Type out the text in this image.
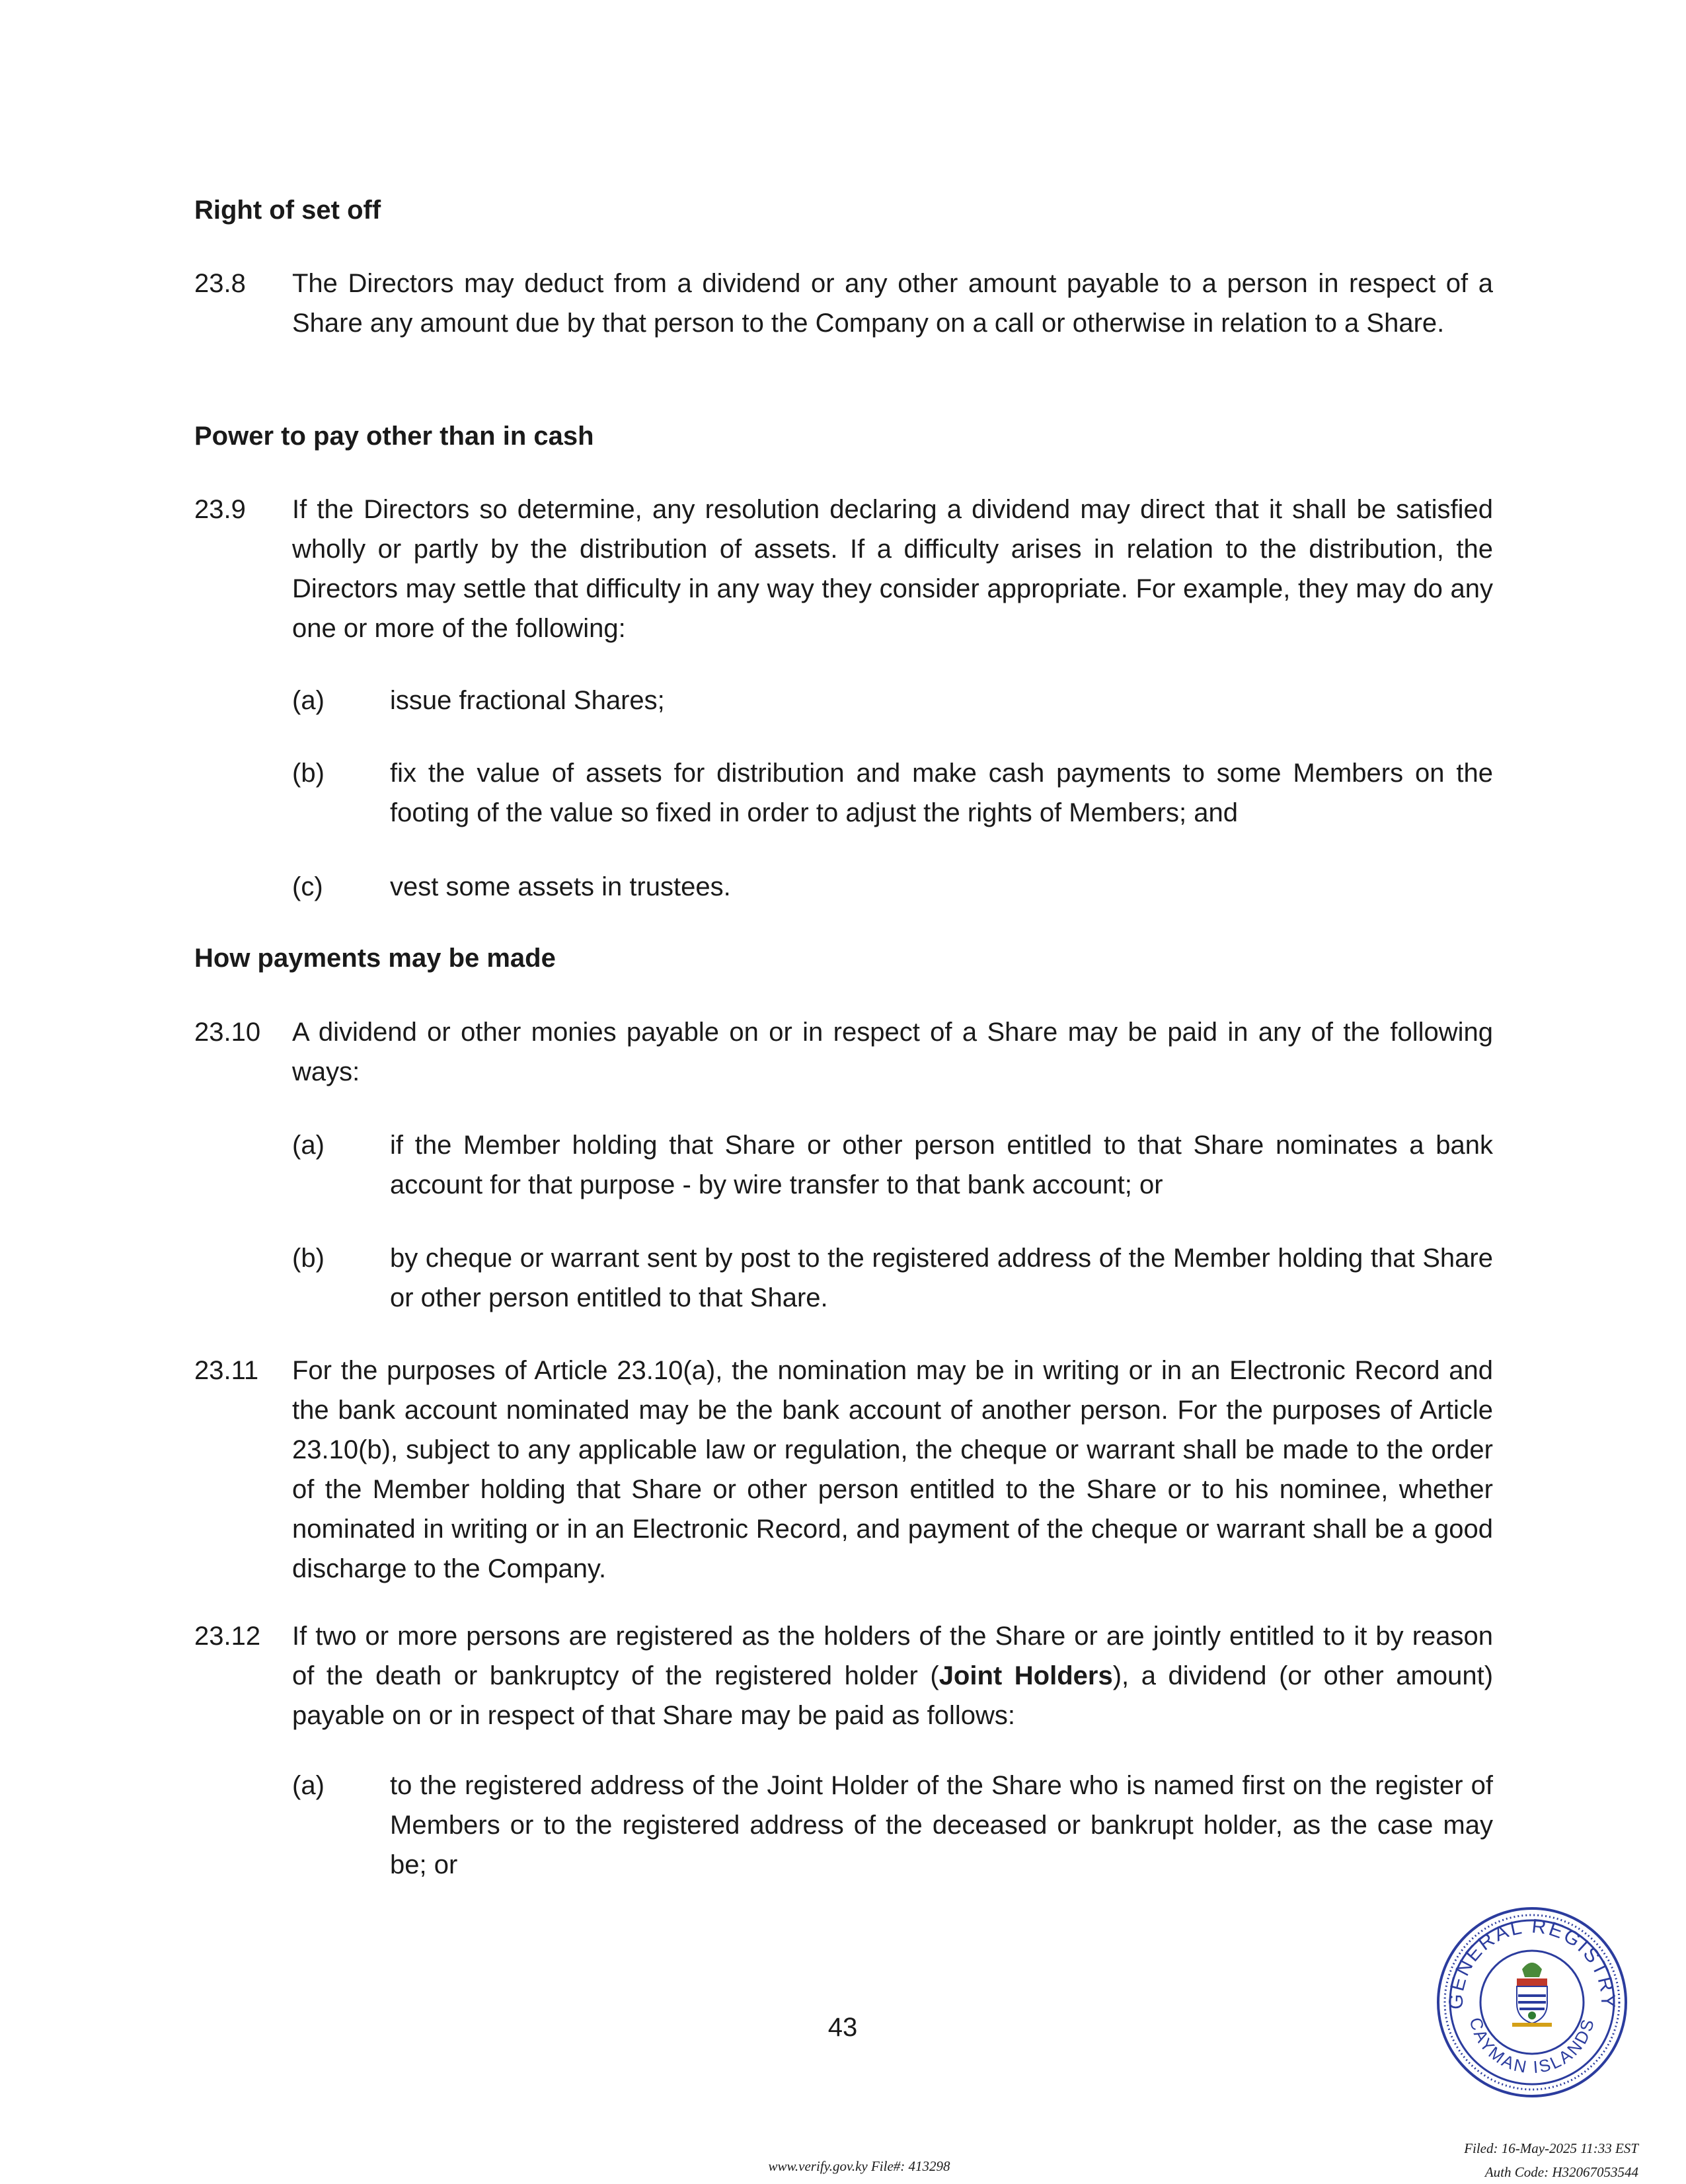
Right of set off
23.8 The Directors may deduct from a dividend or any other amount payable to a person in respect of a Share any amount due by that person to the Company on a call or otherwise in relation to a Share.
Power to pay other than in cash
23.9 If the Directors so determine, any resolution declaring a dividend may direct that it shall be satisfied wholly or partly by the distribution of assets. If a difficulty arises in relation to the distribution, the Directors may settle that difficulty in any way they consider appropriate. For example, they may do any one or more of the following:
(a) issue fractional Shares;
(b) fix the value of assets for distribution and make cash payments to some Members on the footing of the value so fixed in order to adjust the rights of Members; and
(c)	vest some assets in trustees.
How payments may be made
23.10 A dividend or other monies payable on or in respect of a Share may be paid in any of the following ways:
(a) if the Member holding that Share or other person entitled to that Share nominates a bank account for that purpose - by wire transfer to that bank account; or
(b) by cheque or warrant sent by post to the registered address of the Member holding that Share or other person entitled to that Share.
23.11 For the purposes of Article 23.10(a), the nomination may be in writing or in an Electronic Record and the bank account nominated may be the bank account of another person. For the purposes of Article 23.10(b), subject to any applicable law or regulation, the cheque or warrant shall be made to the order of the Member holding that Share or other person entitled to the Share or to his nominee, whether nominated in writing or in an Electronic Record, and payment of the cheque or warrant shall be a good discharge to the Company.
23.12 If two or more persons are registered as the holders of the Share or are jointly entitled to it by reason of the death or bankruptcy of the registered holder (Joint Holders), a dividend (or other amount) payable on or in respect of that Share may be paid as follows:
(a) to the registered address of the Joint Holder of the Share who is named first on the register of Members or to the registered address of the deceased or bankrupt holder, as the case may be; or
43
GENERAL REGISTRY
CAYMAN ISLANDS
www.verify.gov.ky File#: 413298
Filed: 16-May-2025 11:33 EST
Auth Code: H32067053544
